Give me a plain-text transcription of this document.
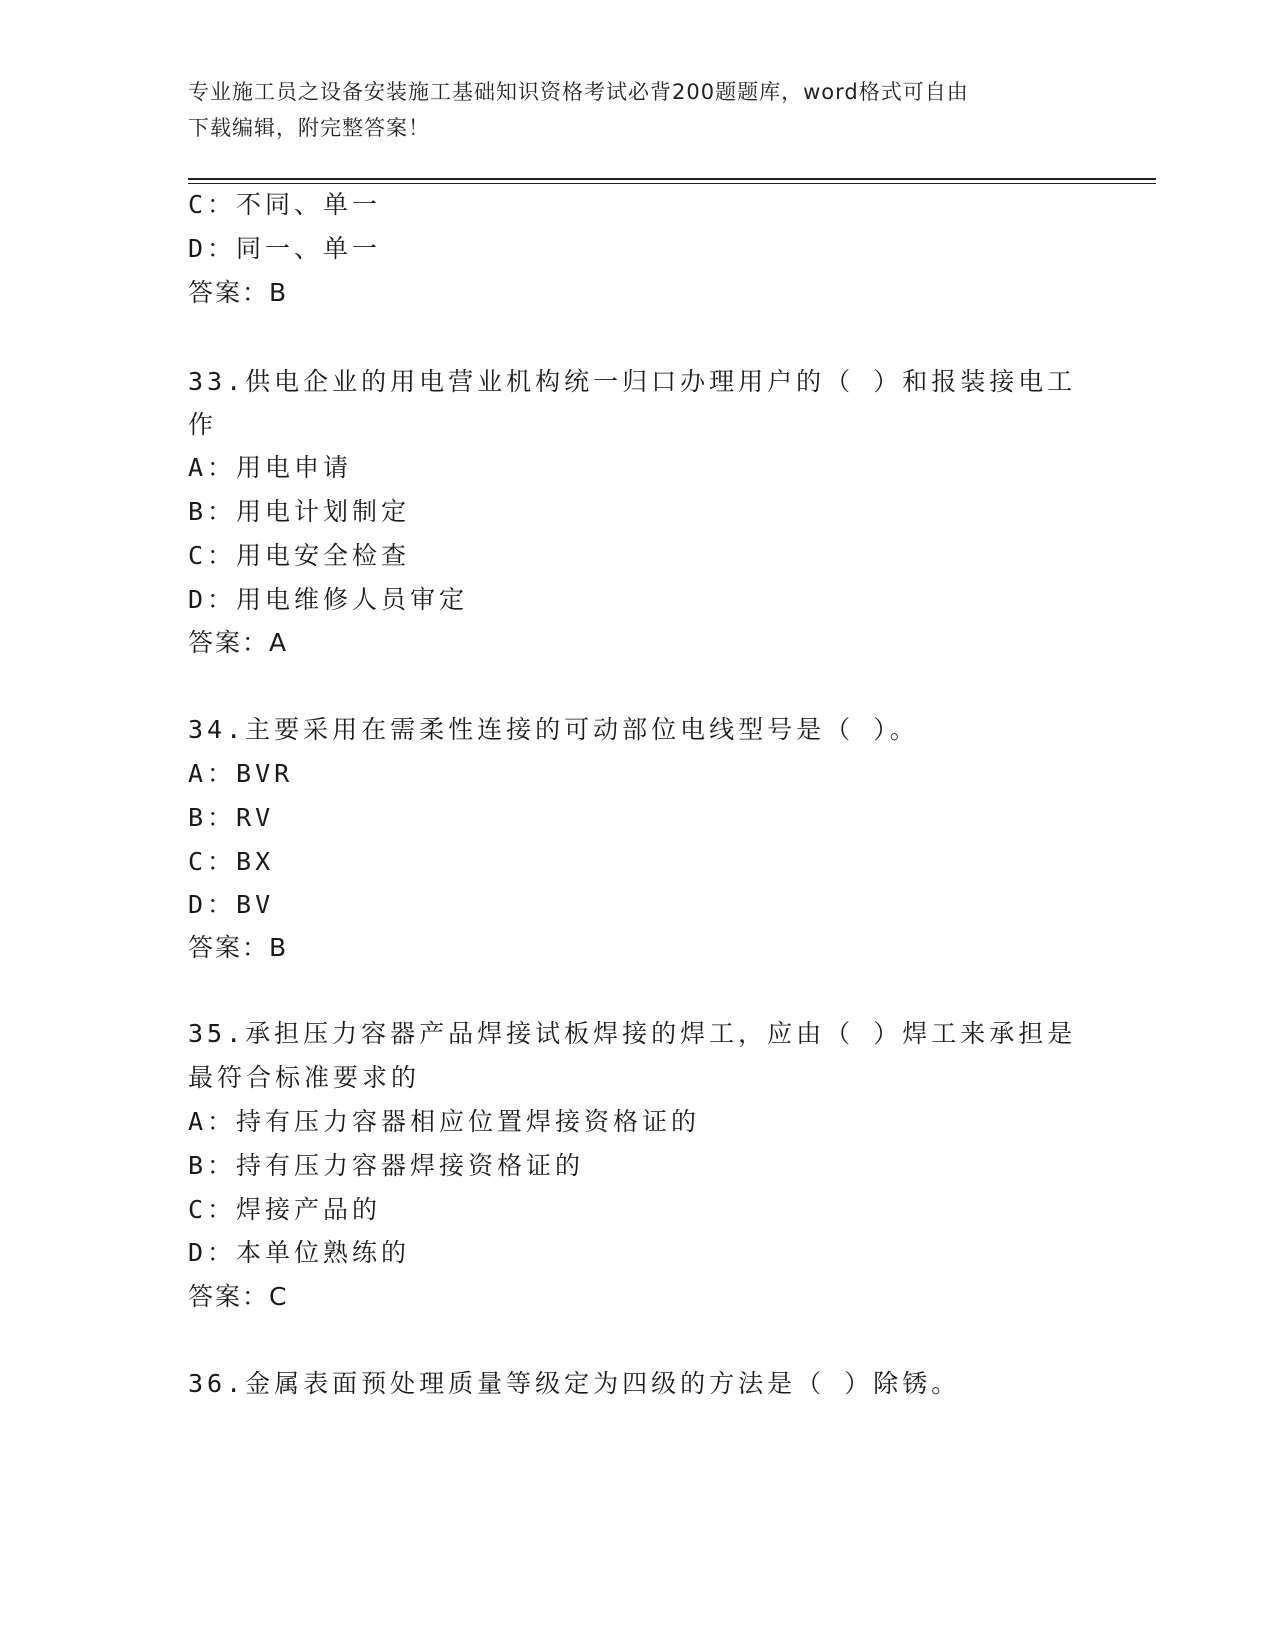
专业施工员之设备安装施工基础知识资格考试必背200题题库，word格式可自由
下载编辑，附完整答案！
C：不同、单一
D：同一、单一
答案：B
33.供电企业的用电营业机构统一归口办理用户的（ ）和报装接电工
作
A：用电申请
B：用电计划制定
C：用电安全检查
D：用电维修人员审定
答案：A
34.主要采用在需柔性连接的可动部位电线型号是（ ）。
A：BVR
B：RV
C：BX
D：BV
答案：B
35.承担压力容器产品焊接试板焊接的焊工，应由（ ）焊工来承担是
最符合标准要求的
A：持有压力容器相应位置焊接资格证的
B：持有压力容器焊接资格证的
C：焊接产品的
D：本单位熟练的
答案：C
36.金属表面预处理质量等级定为四级的方法是（ ）除锈。
